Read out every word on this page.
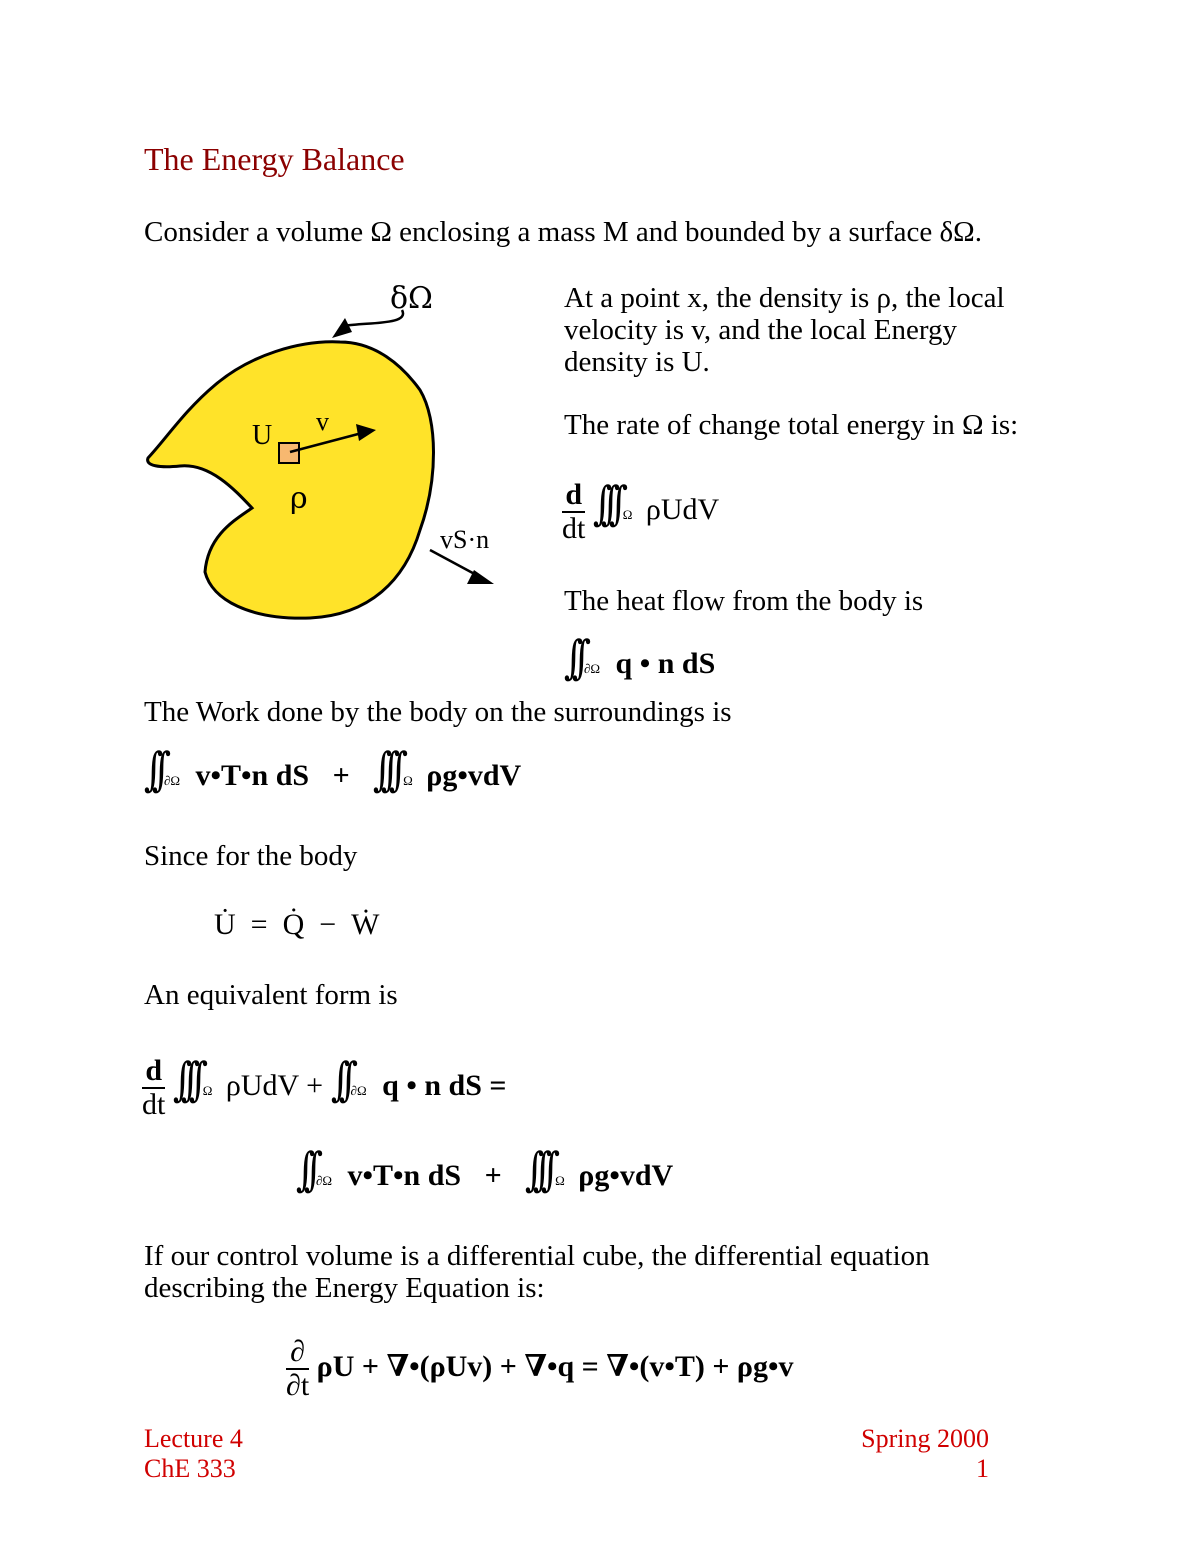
The Energy Balance
Consider a volume Ω enclosing a mass M and bounded by a surface δΩ.
δΩ
U v
ρ
vS·n
At a point x, the density is ρ, the local
velocity is v, and the local Energy
density is U.
The rate of change total energy in Ω is:
$\frac{d}{dt}$ ∫∫∫ Ω ρUdV
The heat flow from the body is
∫∫ ∂Ω q • n dS
The Work done by the body on the surroundings is
∫∫ ∂Ω v•T•n dS + ∫∫∫ Ω ρg•vdV
Since for the body
U̇  =  Q̇  −  Ẇ
An equivalent form is
$\frac{d}{dt}$ ∫∫∫ Ω ρUdV + ∫∫ ∂Ω q • n dS =
∫∫ ∂Ω v•T•n dS + ∫∫∫ Ω ρg•vdV
If our control volume is a differential cube, the differential equation
describing the Energy Equation is:
$\frac{\partial}{\partial t}$ ρU + ∇•(ρUv) + ∇•q = ∇•(v•T) + ρg•v
Lecture 4
ChE 333
Spring 2000
1
